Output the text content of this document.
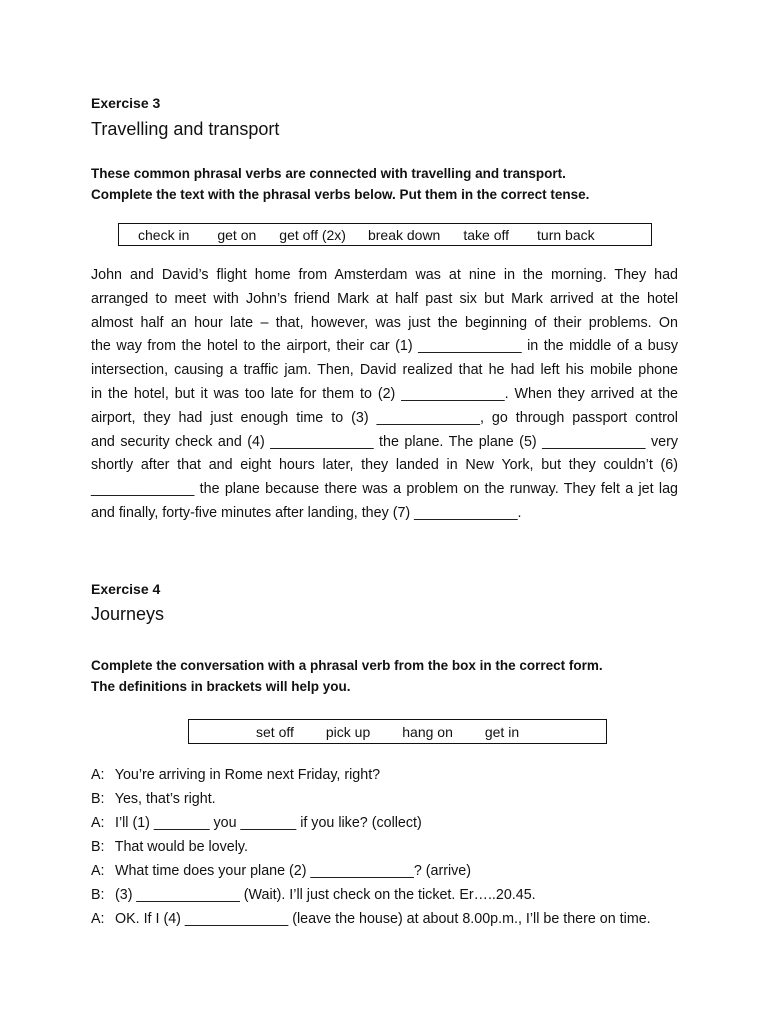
Exercise 3
Travelling and transport
These common phrasal verbs are connected with travelling and transport.
Complete the text with the phrasal verbs below. Put them in the correct tense.
check in get on get off (2x) break down take off turn back
John and David’s flight home from Amsterdam was at nine in the morning. They had
arranged to meet with John’s friend Mark at half past six but Mark arrived at the hotel
almost half an hour late – that, however, was just the beginning of their problems. On
the way from the hotel to the airport, their car (1) _____________ in the middle of a busy
intersection, causing a traffic jam. Then, David realized that he had left his mobile phone
in the hotel, but it was too late for them to (2) _____________. When they arrived at the
airport, they had just enough time to (3) _____________, go through passport control
and security check and (4) _____________ the plane. The plane (5) _____________ very
shortly after that and eight hours later, they landed in New York, but they couldn’t (6)
_____________ the plane because there was a problem on the runway. They felt a jet lag
and finally, forty-five minutes after landing, they (7) _____________.
Exercise 4
Journeys
Complete the conversation with a phrasal verb from the box in the correct form.
The definitions in brackets will help you.
set off pick up hang on get in
A: You’re arriving in Rome next Friday, right?
B: Yes, that’s right.
A: I’ll (1) _______ you _______ if you like? (collect)
B: That would be lovely.
A: What time does your plane (2) _____________? (arrive)
B: (3) _____________ (Wait). I’ll just check on the ticket. Er…..20.45.
A: OK. If I (4) _____________ (leave the house) at about 8.00p.m., I’ll be there on time.
